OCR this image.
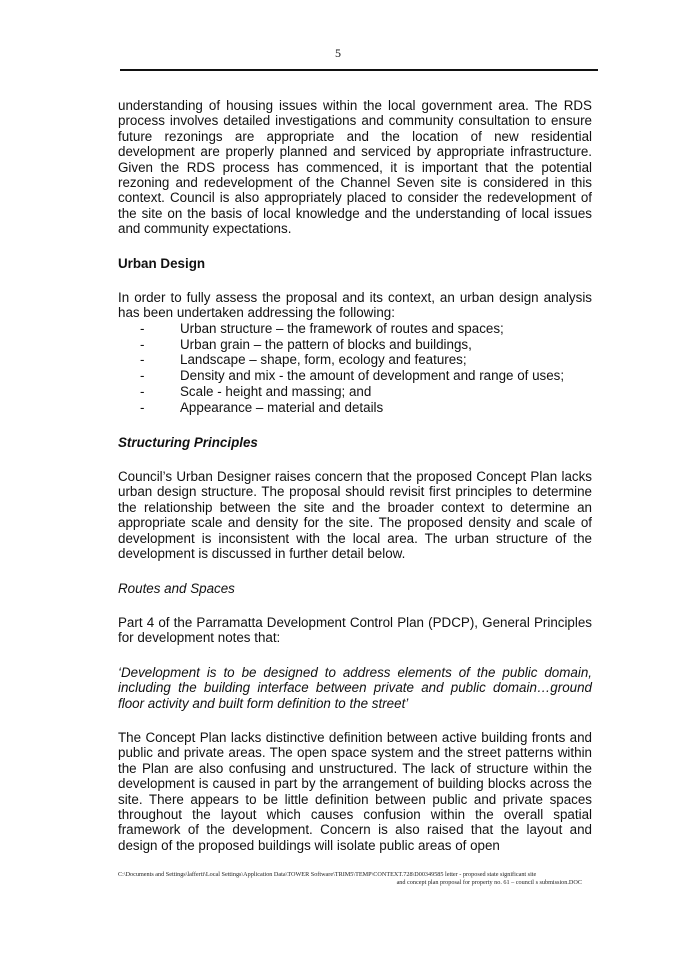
5

understanding of housing issues within the local government area. The RDS process involves detailed investigations and community consultation to ensure future rezonings are appropriate and the location of new residential development are properly planned and serviced by appropriate infrastructure. Given the RDS process has commenced, it is important that the potential rezoning and redevelopment of the Channel Seven site is considered in this context. Council is also appropriately placed to consider the redevelopment of the site on the basis of local knowledge and the understanding of local issues and community expectations.

Urban Design

In order to fully assess the proposal and its context, an urban design analysis has been undertaken addressing the following:

-	Urban structure – the framework of routes and spaces;
-	Urban grain – the pattern of blocks and buildings,
-	Landscape – shape, form, ecology and features;
-	Density and mix - the amount of development and range of uses;
-	Scale - height and massing; and
-	Appearance – material and details
Structuring Principles

Council’s Urban Designer raises concern that the proposed Concept Plan lacks urban design structure. The proposal should revisit first principles to determine the relationship between the site and the broader context to determine an appropriate scale and density for the site. The proposed density and scale of development is inconsistent with the local area. The urban structure of the development is discussed in further detail below.

Routes and Spaces

Part 4 of the Parramatta Development Control Plan (PDCP), General Principles for development notes that:

‘Development is to be designed to address elements of the public domain, including the building interface between private and public domain…ground floor activity and built form definition to the street’

The Concept Plan lacks distinctive definition between active building fronts and public and private areas. The open space system and the street patterns within the Plan are also confusing and unstructured. The lack of structure within the development is caused in part by the arrangement of building blocks across the site. There appears to be little definition between public and private spaces throughout the layout which causes confusion within the overall spatial framework of the development. Concern is also raised that the layout and design of the proposed buildings will isolate public areas of open

C:\Documents and Settings\lafferti\Local Settings\Application Data\TOWER Software\TRIM5\TEMP\CONTEXT.728\D00349585 letter - proposed state significant site
and concept plan proposal for property no. 61 – council s submission.DOC
